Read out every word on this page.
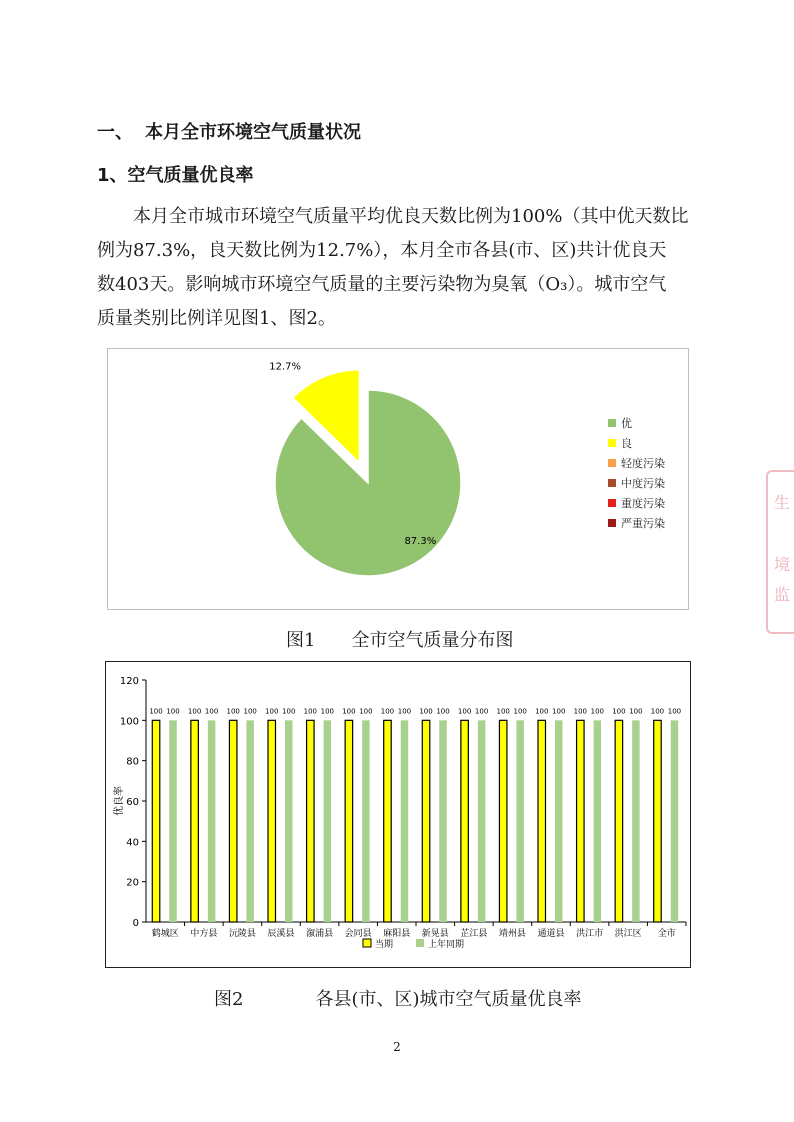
一、 本月全市环境空气质量状况
1、空气质量优良率

　　本月全市城市环境空气质量平均优良天数比例为100%（其中优天数比

例为87.3%，良天数比例为12.7%），本月全市各县(市、区)共计优良天

数403天。影响城市环境空气质量的主要污染物为臭氧（O₃）。城市空气

质量类别比例详见图1、图2。

87.3%
12.7%
优
良
轻度污染
中度污染
重度污染
严重污染
图1　　全市空气质量分布图
0
20
40
60
80
100
120
优良率
100 100
鹤城区
100 100
中方县
100 100
沅陵县
100 100
辰溪县
100 100
溆浦县
100 100
会同县
100 100
麻阳县
100 100
新晃县
100 100
芷江县
100 100
靖州县
100 100
通道县
100 100
洪江市
100 100
洪江区
100 100
全市
当期	上年同期
图2　　　　各县(市、区)城市空气质量优良率
2
生
境
监
